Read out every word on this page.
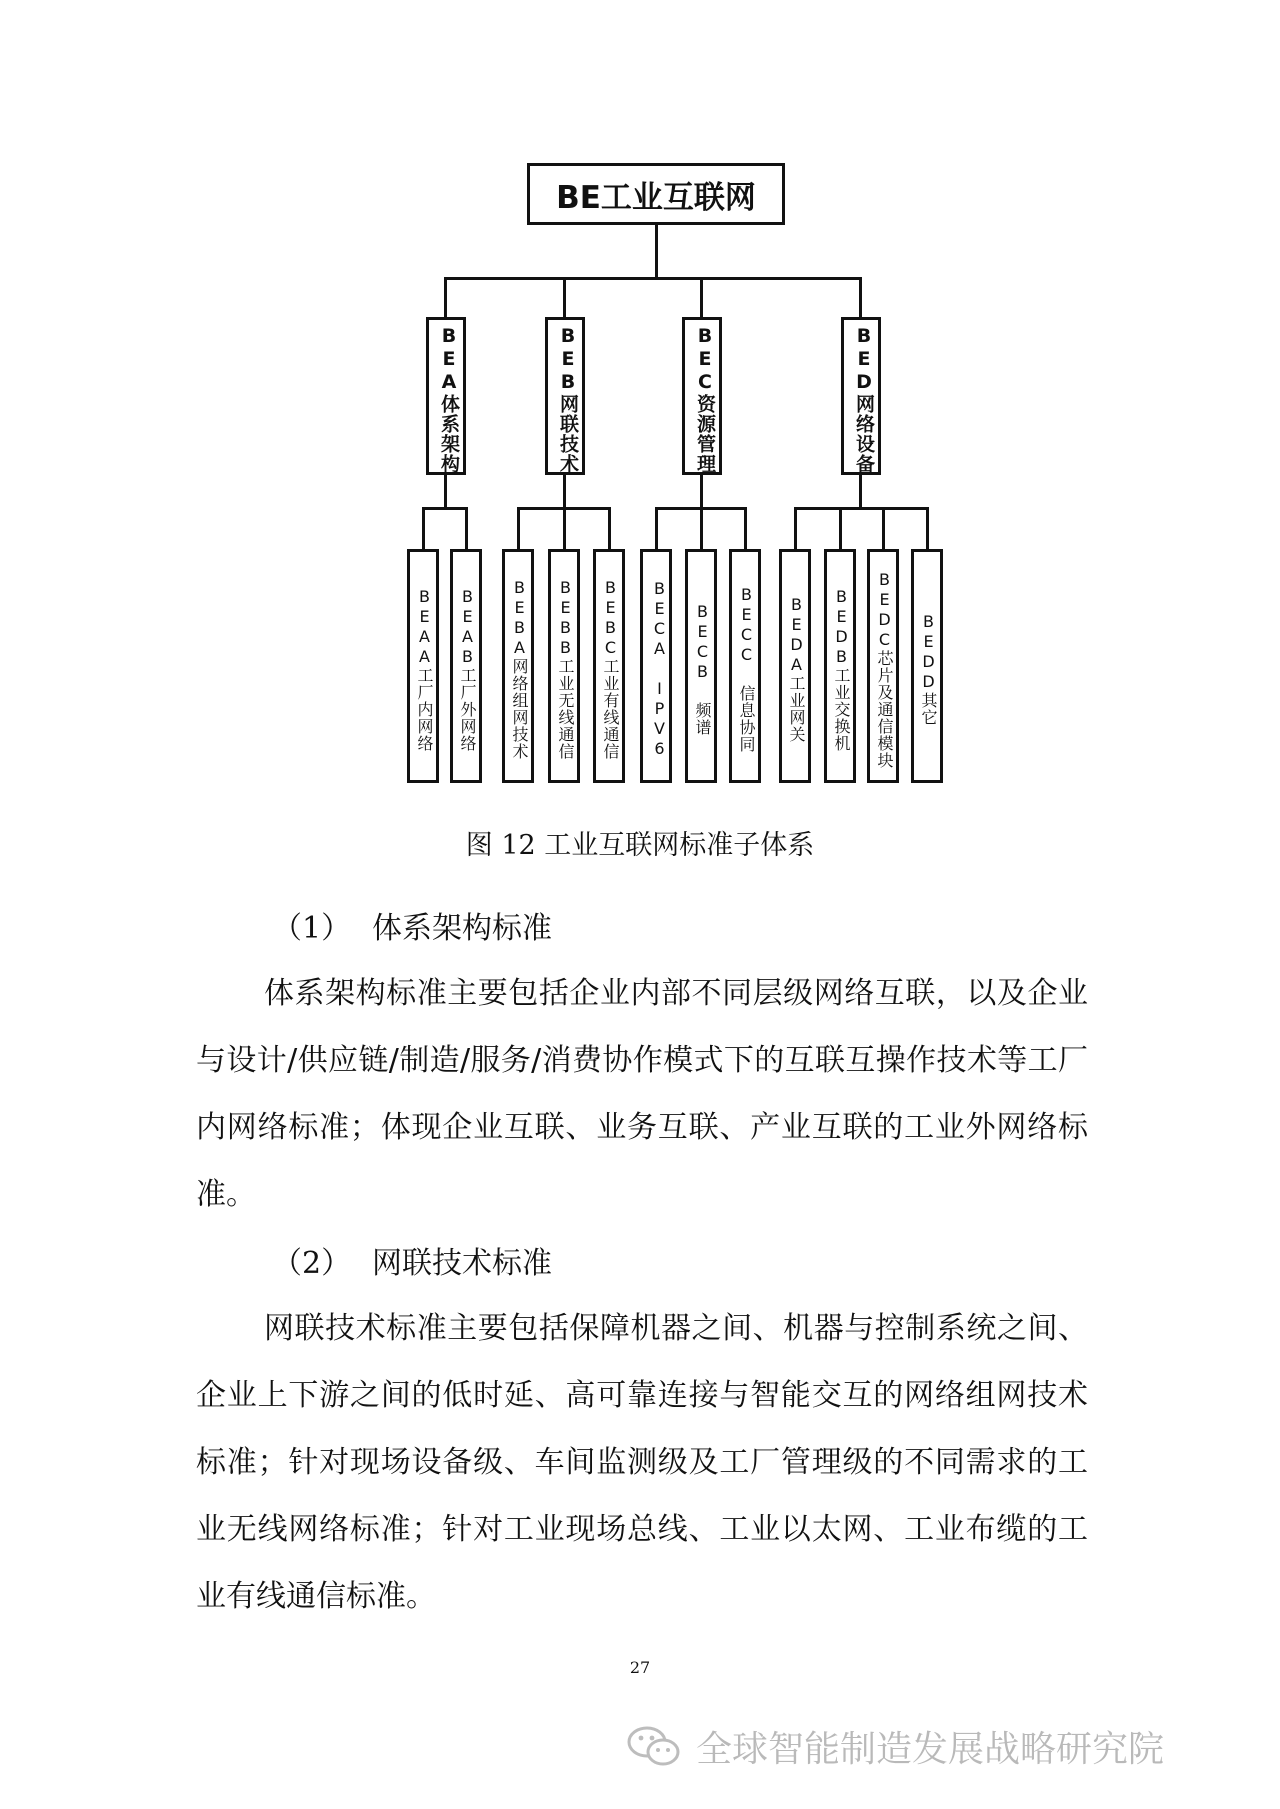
BE工业互联网
BEA体系架构	BEB网联技术	BEC资源管理	BED网络设备
BEAA工厂内网络	BEAB工厂外网络	BEBA网络组网技术	BEBB工业无线通信	BEBC工业有线通信	BECA IPV6	BECB 频谱	BECC 信息协同	BEDA工业网关	BEDB工业交换机	BEDC芯片及通信模块	BEDD其它
图 12 工业互联网标准子体系
（1） 体系架构标准

体系架构标准主要包括企业内部不同层级网络互联，以及企业与设计/供应链/制造/服务/消费协作模式下的互联互操作技术等工厂内网络标准；体现企业互联、业务互联、产业互联的工业外网络标准。

（2） 网联技术标准

网联技术标准主要包括保障机器之间、机器与控制系统之间、企业上下游之间的低时延、高可靠连接与智能交互的网络组网技术标准；针对现场设备级、车间监测级及工厂管理级的不同需求的工业无线网络标准；针对工业现场总线、工业以太网、工业布缆的工业有线通信标准。

27
全球智能制造发展战略研究院
